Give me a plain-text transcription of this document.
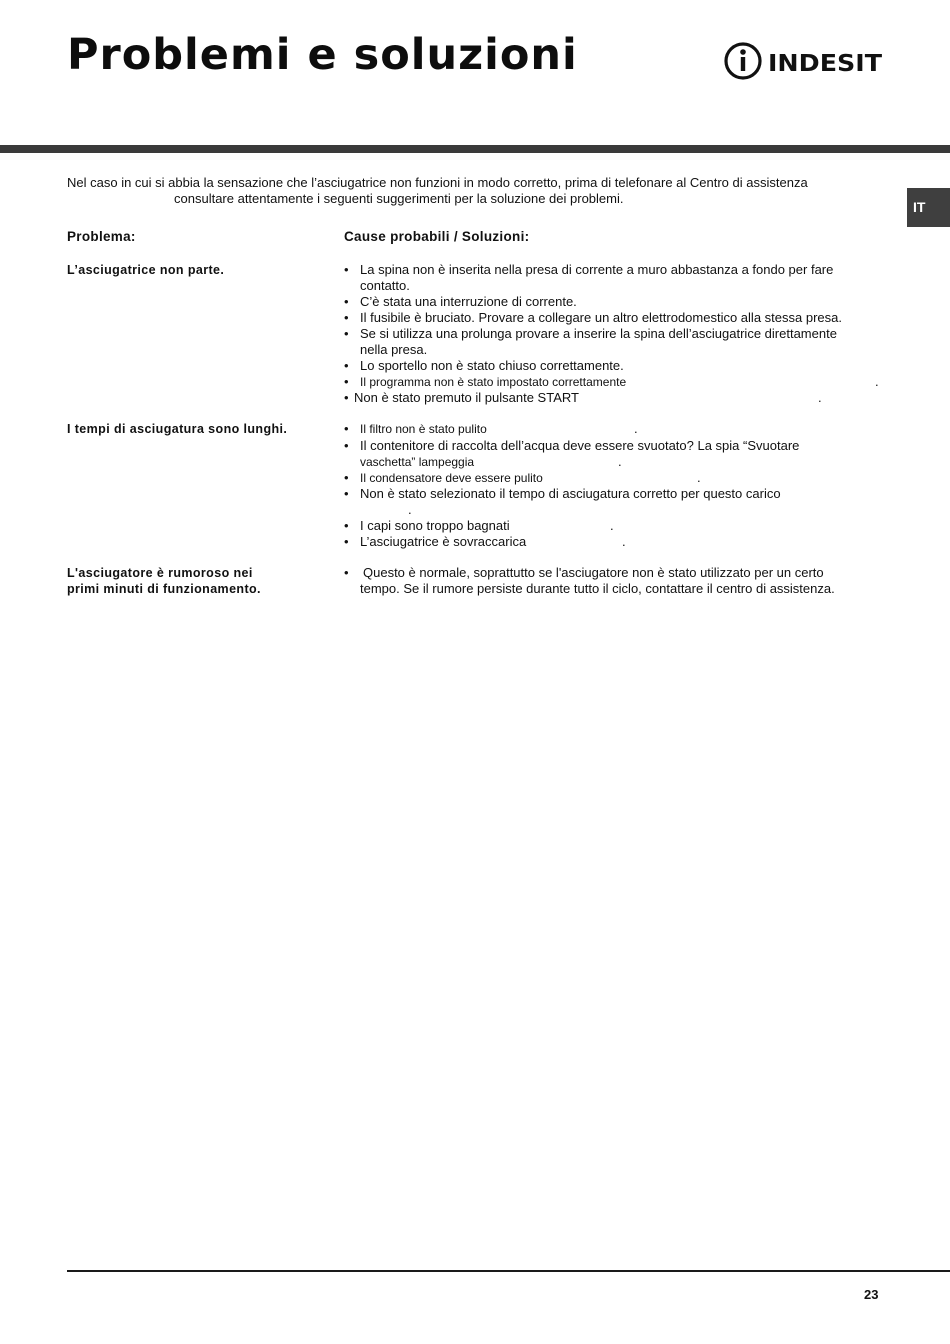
Problemi e soluzioni	INDESIT
IT

Nel caso in cui si abbia la sensazione che l’asciugatrice non funzioni in modo corretto, prima di telefonare al Centro di assistenza
consultare attentamente i seguenti suggerimenti per la soluzione dei problemi.

Problema:	Cause probabili / Soluzioni:

L’asciugatrice non parte.	• La spina non è inserita nella presa di corrente a muro abbastanza a fondo per fare
contatto.
• C’è stata una interruzione di corrente.
• Il fusibile è bruciato. Provare a collegare un altro elettrodomestico alla stessa presa.
• Se si utilizza una prolunga provare a inserire la spina dell’asciugatrice direttamente
nella presa.
• Lo sportello non è stato chiuso correttamente.
• Il programma non è stato impostato correttamente	.
• Non è stato premuto il pulsante START	.

I tempi di asciugatura sono lunghi.	• Il filtro non è stato pulito	.
• Il contenitore di raccolta dell’acqua deve essere svuotato? La spia “Svuotare
vaschetta” lampeggia	.
• Il condensatore deve essere pulito	.
• Non è stato selezionato il tempo di asciugatura corretto per questo carico
.
• I capi sono troppo bagnati	.
• L’asciugatrice è sovraccarica	.

L'asciugatore è rumoroso nei
primi minuti di funzionamento.

• Questo è normale, soprattutto se l'asciugatore non è stato utilizzato per un certo
tempo. Se il rumore persiste durante tutto il ciclo, contattare il centro di assistenza.
23
